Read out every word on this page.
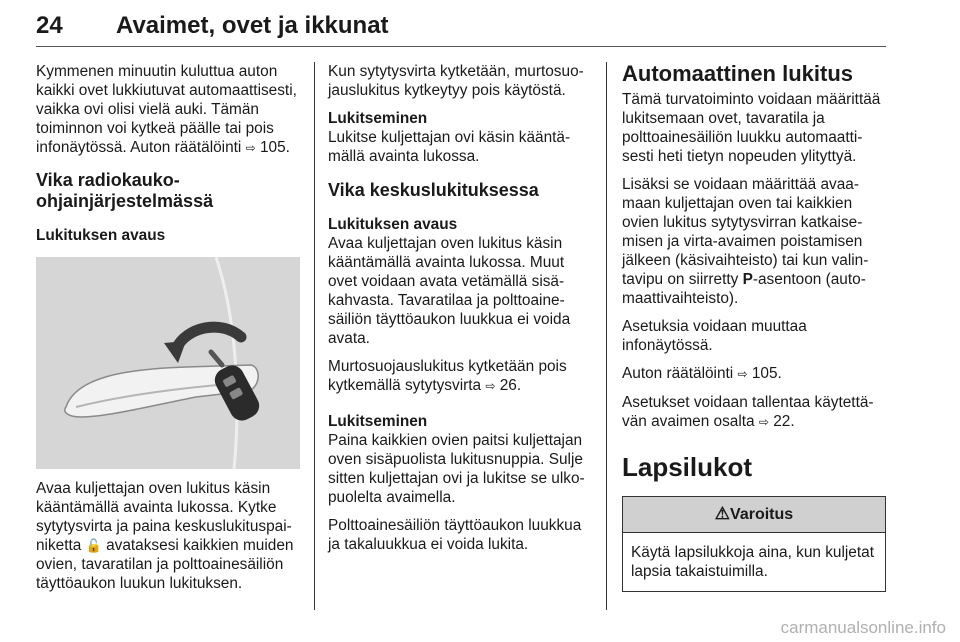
24 Avaimet, ovet ja ikkunat

Kymmenen minuutin kuluttua auton kaikki ovet lukkiutuvat automaattisesti, vaikka ovi olisi vielä auki. Tämän toiminnon voi kytkeä päälle tai pois infonäytössä. Auton räätälöinti ⇨ 105.

Vika radiokaukoohjainjärjestelmässä
Lukituksen avaus

Avaa kuljettajan oven lukitus käsin kääntämällä avainta lukossa. Kytke sytytysvirta ja paina keskuslukituspainiketta 🔓 avataksesi kaikkien muiden ovien, tavaratilan ja polttoainesäiliön täyttöaukon luukun lukituksen.

Kun sytytysvirta kytketään, murtosuojauslukitus kytkeytyy pois käytöstä.

Lukitseminen

Lukitse kuljettajan ovi käsin kääntämällä avainta lukossa.

Vika keskuslukituksessa
Lukituksen avaus

Avaa kuljettajan oven lukitus käsin kääntämällä avainta lukossa. Muut ovet voidaan avata vetämällä sisäkahvasta. Tavaratilaa ja polttoainesäiliön täyttöaukon luukkua ei voida avata.

Murtosuojauslukitus kytketään pois kytkemällä sytytysvirta ⇨ 26.

Lukitseminen

Paina kaikkien ovien paitsi kuljettajan oven sisäpuolista lukitusnuppia. Sulje sitten kuljettajan ovi ja lukitse se ulkopuolelta avaimella.

Polttoainesäiliön täyttöaukon luukkua ja takaluukkua ei voida lukita.

Automaattinen lukitus

Tämä turvatoiminto voidaan määrittää lukitsemaan ovet, tavaratila ja polttoainesäiliön luukku automaattisesti heti tietyn nopeuden ylityttyä.

Lisäksi se voidaan määrittää avaamaan kuljettajan oven tai kaikkien ovien lukitus sytytysvirran katkaisemisen ja virta-avaimen poistamisen jälkeen (käsivaihteisto) tai kun valintavipu on siirretty P-asentoon (automaattivaihteisto).

Asetuksia voidaan muuttaa infonäytössä.

Auton räätälöinti ⇨ 105.

Asetukset voidaan tallentaa käytettävän avaimen osalta ⇨ 22.

Lapsilukot
⚠Varoitus
Käytä lapsilukkoja aina, kun kuljetat lapsia takaistuimilla.
carmanualsonline.info
